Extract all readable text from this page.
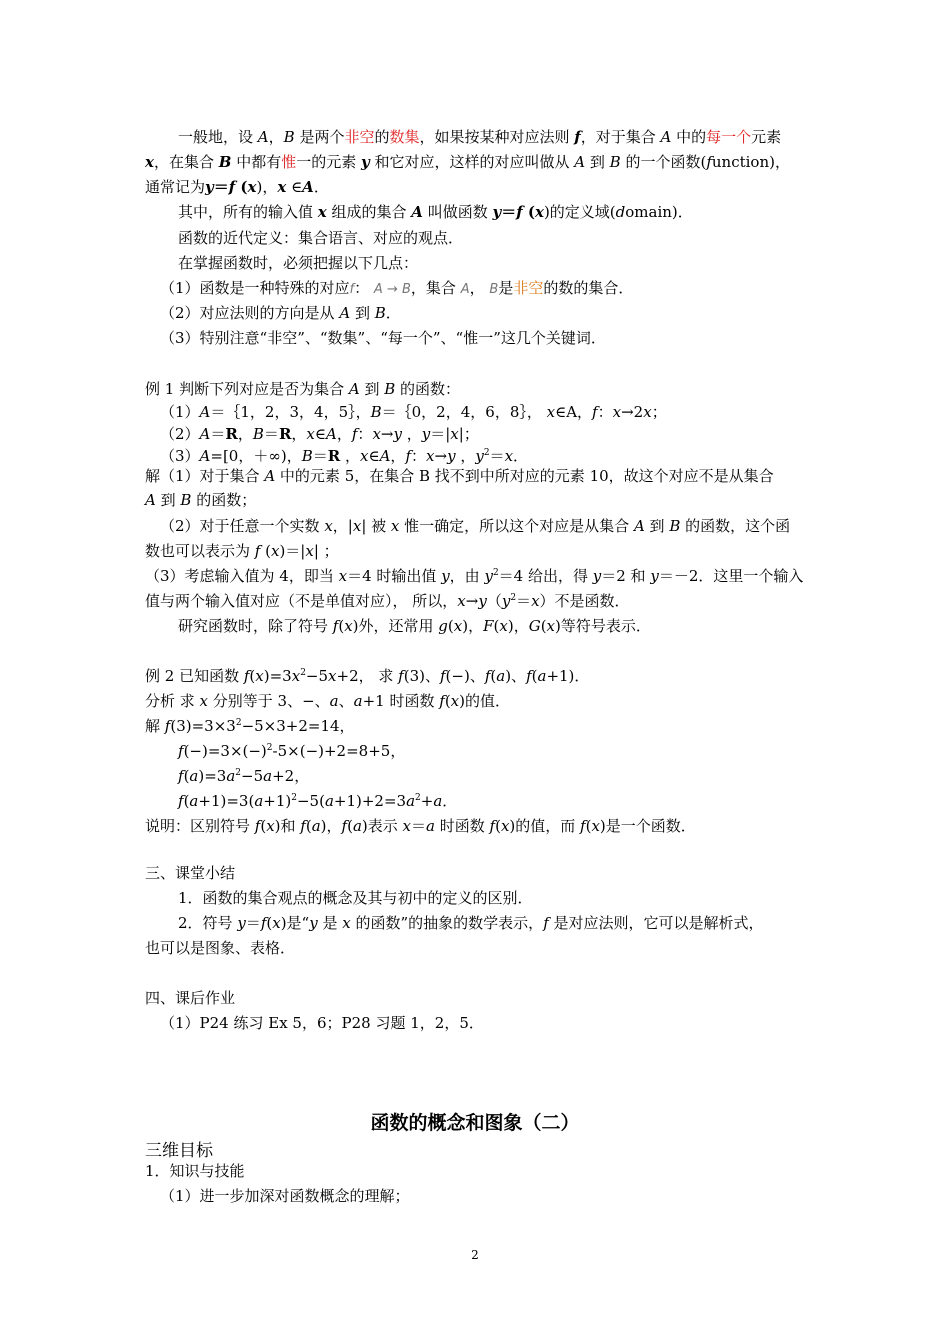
一般地，设 A，B 是两个非空的数集，如果按某种对应法则 f，对于集合 A 中的每一个元素
x，在集合 B 中都有惟一的元素 y 和它对应，这样的对应叫做从 A 到 B 的一个函数(function)，
通常记为y＝f (x)，x ∈A．
其中，所有的输入值 x 组成的集合 A 叫做函数 y＝f (x)的定义域(domain)．
函数的近代定义：集合语言、对应的观点．
在掌握函数时，必须把握以下几点：
（1）函数是一种特殊的对应f： A → B，集合 A， B是非空的数的集合．
（2）对应法则的方向是从 A 到 B．
（3）特别注意“非空”、“数集”、“每一个”、“惟一”这几个关键词．
例 1 判断下列对应是否为集合 A 到 B 的函数：
（1）A＝｛1，2，3，4，5｝，B＝｛0，2，4，6，8｝， x∈A，f：x→2x；
（2）A＝R，B＝R，x∈A，f：x→y ，y＝|x|；
（3）A=[0，＋∞)，B＝R ，x∈A，f：x→y ，$y^2=x$．
解（1）对于集合 A 中的元素 5，在集合 B 找不到中所对应的元素 10，故这个对应不是从集合
A 到 B 的函数；
（2）对于任意一个实数 x，|x| 被 x 惟一确定，所以这个对应是从集合 A 到 B 的函数，这个函
数也可以表示为 f (x)＝|x| ；
（3）考虑输入值为 4，即当 x＝4 时输出值 y，由 $y^2=4$ 给出，得 y＝2 和 y＝－2．这里一个输入
值与两个输入值对应（不是单值对应）， 所以，$x\to y(y^2=x)$不是函数．
研究函数时，除了符号 f(x)外，还常用 g(x)，F(x)，G(x)等符号表示．
例 2 已知函数 $f(x)=3x^2-5x+2$， 求 f(3)、f(−)、f(a)、f(a+1)．
分析 求 x 分别等于 3、−、a、a+1 时函数 f(x)的值．
解 $f(3)=3\times 3^2-5\times 3+2=14$，
$f(-)=3\times(-)^2-5\times(-)+2=8+5$，
$f(a)=3a^2-5a+2$，
$f(a+1)=3(a+1)^2-5(a+1)+2=3a^2+a$．
说明：区别符号 f(x)和 f(a)，f(a)表示 x＝a 时函数 f(x)的值，而 f(x)是一个函数．
三、课堂小结
1．函数的集合观点的概念及其与初中的定义的区别．
2．符号 y＝f(x)是“y 是 x 的函数”的抽象的数学表示，f 是对应法则，它可以是解析式，
也可以是图象、表格．
四、课后作业
（1）P24 练习 Ex 5，6；P28 习题 1，2，5．
函数的概念和图象（二）
三维目标
1．知识与技能
（1）进一步加深对函数概念的理解；
2
